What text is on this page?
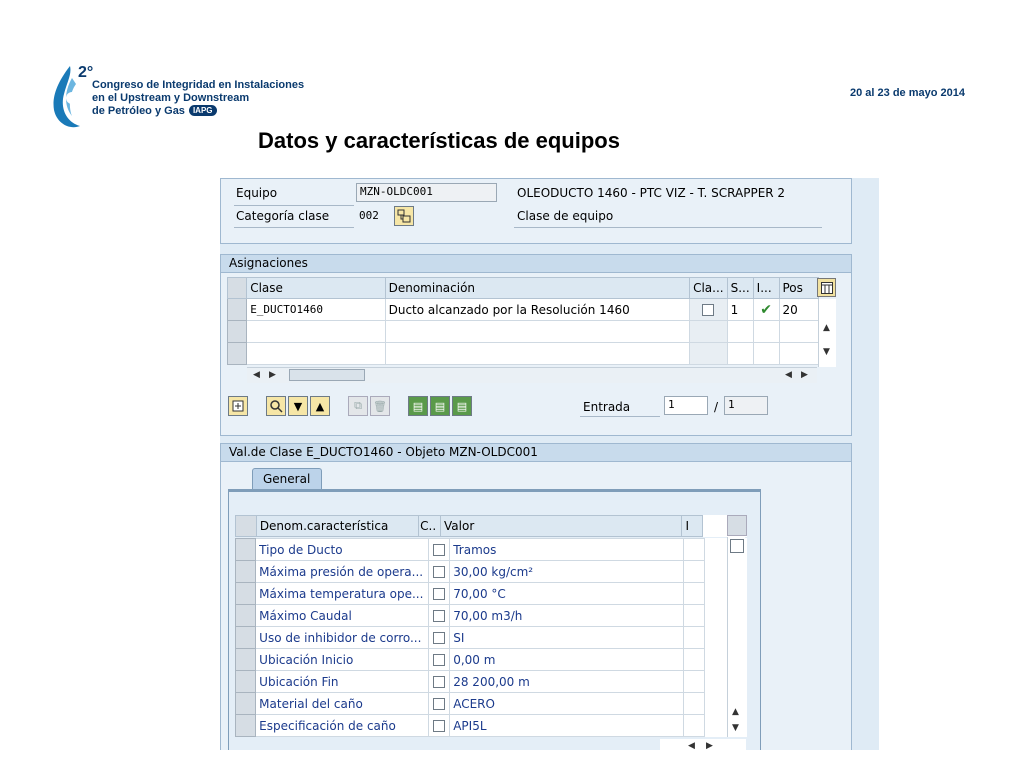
2°
Congreso de Integridad en Instalaciones
en el Upstream y Downstream
de Petróleo y Gas IAPG
20 al 23 de mayo 2014
Datos y características de equipos
Equipo	MZN-OLDC001	OLEODUCTO 1460 - PTC VIZ - T. SCRAPPER 2
Categoría clase	002	Clase de equipo
Asignaciones
	Clase	Denominación	Cla...	S...	I...	Pos
	E_DUCTO1460	Ducto alcanzado por la Resolución 1460		1	✔	20

▲
▼
◀ ▶	◀ ▶
▼ ▲	⧉ 🗑 ▤ ▤ ▤	Entrada	1	/ 1
Val.de Clase E_DUCTO1460 - Objeto MZN-OLDC001
General
	Denom.característica	C..	Valor	I	
	Tipo de Ducto		Tramos		
	Máxima presión de opera...		30,00 kg/cm²		
	Máxima temperatura ope...		70,00 °C		
	Máximo Caudal		70,00 m3/h		
	Uso de inhibidor de corro...		SI		
	Ubicación Inicio		0,00 m		
	Ubicación Fin		28 200,00 m		
	Material del caño		ACERO		
	Especificación de caño		API5L		
▲
▼
◀ ▶
